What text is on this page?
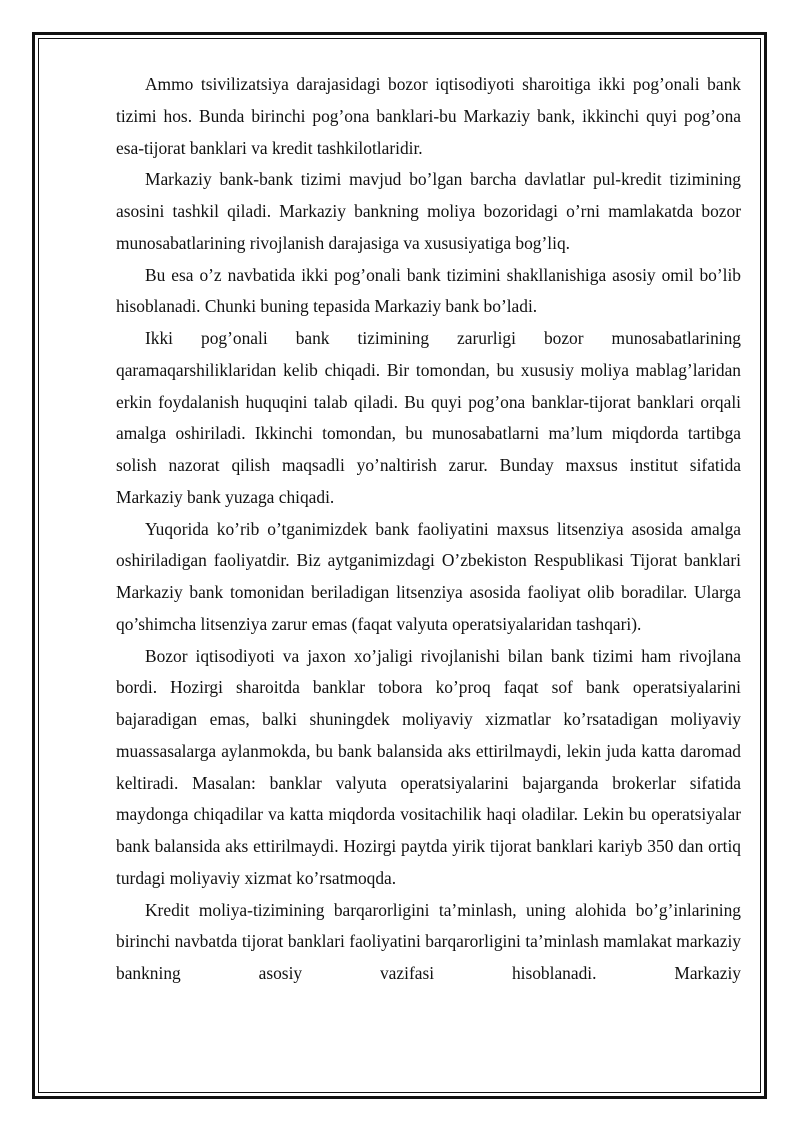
Ammo tsivilizatsiya darajasidagi bozor iqtisodiyoti sharoitiga ikki pog’onali bank tizimi hos. Bunda birinchi pog’ona banklari-bu Markaziy bank, ikkinchi quyi pog’ona esa-tijorat banklari va kredit tashkilotlaridir.

Markaziy bank-bank tizimi mavjud bo’lgan barcha davlatlar pul-kredit tizimining asosini tashkil qiladi. Markaziy bankning moliya bozoridagi o’rni mamlakatda bozor munosabatlarining rivojlanish darajasiga va xususiyatiga bog’liq.

Bu esa o’z navbatida ikki pog’onali bank tizimini shakllanishiga asosiy omil bo’lib hisoblanadi. Chunki buning tepasida Markaziy bank bo’ladi.

Ikki pog’onali bank tizimining zarurligi bozor munosabatlarining qaramaqarshiliklaridan kelib chiqadi. Bir tomondan, bu xususiy moliya mablag’laridan erkin foydalanish huquqini talab qiladi. Bu quyi pog’ona banklar-tijorat banklari orqali amalga oshiriladi. Ikkinchi tomondan, bu munosabatlarni ma’lum miqdorda tartibga solish nazorat qilish maqsadli yo’naltirish zarur. Bunday maxsus institut sifatida Markaziy bank yuzaga chiqadi.

Yuqorida ko’rib o’tganimizdek bank faoliyatini maxsus litsenziya asosida amalga oshiriladigan faoliyatdir. Biz aytganimizdagi O’zbekiston Respublikasi Tijorat banklari Markaziy bank tomonidan beriladigan litsenziya asosida faoliyat olib boradilar. Ularga qo’shimcha litsenziya zarur emas (faqat valyuta operatsiyalaridan tashqari).

Bozor iqtisodiyoti va jaxon xo’jaligi rivojlanishi bilan bank tizimi ham rivojlana bordi. Hozirgi sharoitda banklar tobora ko’proq faqat sof bank operatsiyalarini bajaradigan emas, balki shuningdek moliyaviy xizmatlar ko’rsatadigan moliyaviy muassasalarga aylanmokda, bu bank balansida aks ettirilmaydi, lekin juda katta daromad keltiradi. Masalan: banklar valyuta operatsiyalarini bajarganda brokerlar sifatida maydonga chiqadilar va katta miqdorda vositachilik haqi oladilar. Lekin bu operatsiyalar bank balansida aks ettirilmaydi. Hozirgi paytda yirik tijorat banklari kariyb 350 dan ortiq turdagi moliyaviy xizmat ko’rsatmoqda.

Kredit moliya-tizimining barqarorligini ta’minlash, uning alohida bo’g’inlarining birinchi navbatda tijorat banklari faoliyatini barqarorligini ta’minlash mamlakat markaziy bankning asosiy vazifasi hisoblanadi. Markaziy
